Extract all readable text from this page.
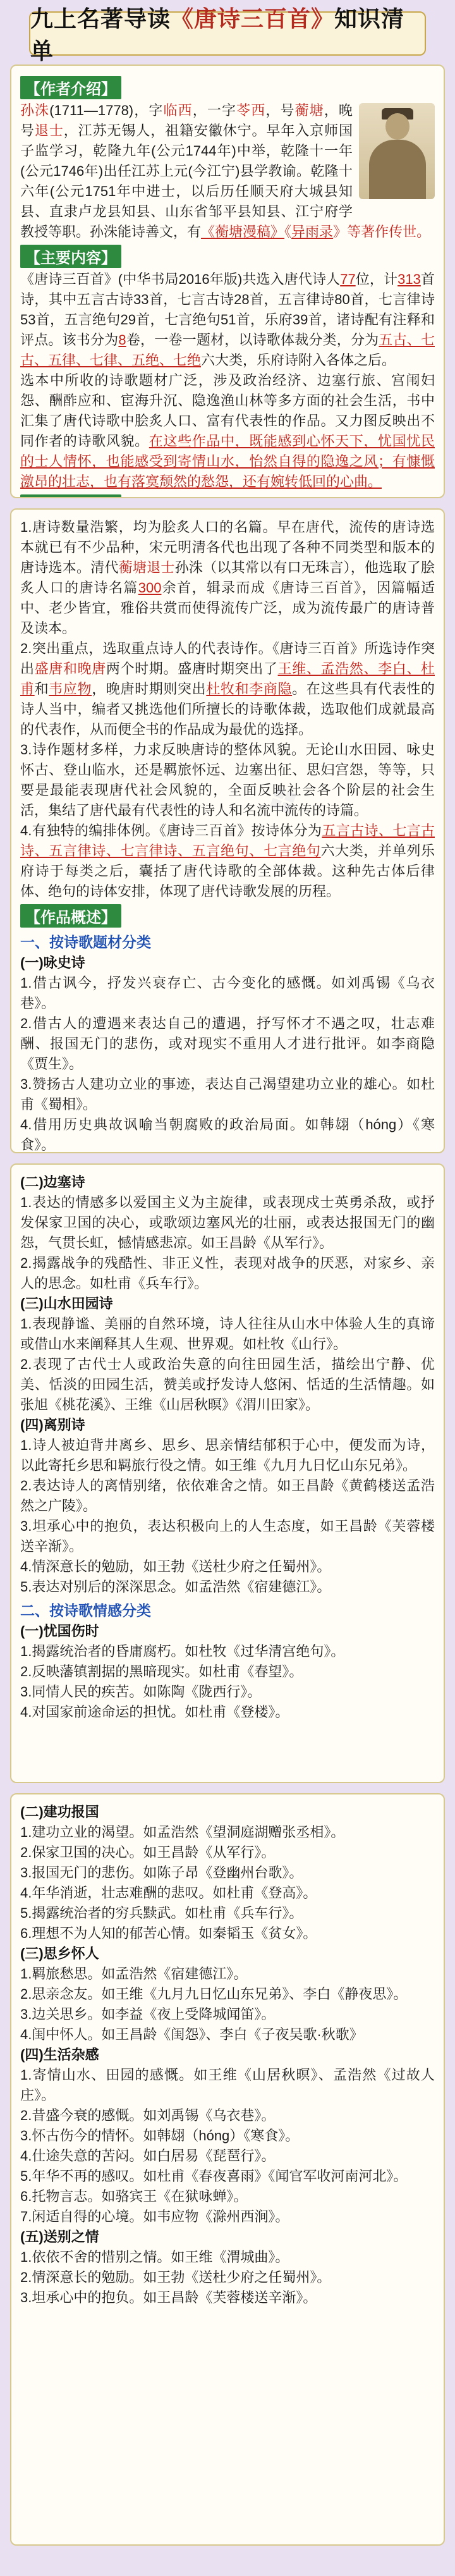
九上名著导读《唐诗三百首》知识清单
【作者介绍】

孙洙(1711—1778)，字临西，一字苓西，号蘅塘，晚号退士，江苏无锡人，祖籍安徽休宁。早年入京师国子监学习，乾隆九年(公元1744年)中举，乾隆十一年(公元1746年)出任江苏上元(今江宁)县学教谕。乾隆十六年(公元1751年中进士，以后历任顺天府大城县知县、直隶卢龙县知县、山东省邹平县知县、江宁府学教授等职。孙洙能诗善文，有《蘅塘漫稿》《异雨录》等著作传世。

【主要内容】

《唐诗三百首》(中华书局2016年版)共选入唐代诗人77位，计313首诗，其中五言古诗33首，七言古诗28首，五言律诗80首，七言律诗53首，五言绝句29首，七言绝句51首，乐府39首，诸诗配有注释和评点。该书分为8卷，一卷一题材，以诗歌体裁分类，分为五古、七古、五律、七律、五绝、七绝六大类，乐府诗附入各体之后。

选本中所收的诗歌题材广泛，涉及政治经济、边塞行旅、宫闱妇怨、酬酢应和、宦海升沉、隐逸渔山林等多方面的社会生活，书中汇集了唐代诗歌中脍炙人口、富有代表性的作品。又力图反映出不同作者的诗歌风貌。在这些作品中，既能感到心怀天下，忧国忧民的士人情怀，也能感受到寄情山水，怡然自得的隐逸之风；有慷慨激昂的壮志，也有落寞颓然的愁怨，还有婉转低回的心曲。

1.唐诗数量浩繁，均为脍炙人口的名篇。早在唐代，流传的唐诗选本就已有不少品种，宋元明清各代也出现了各种不同类型和版本的唐诗选本。清代蘅塘退士孙洙（以其常以有口无珠言），他选取了脍炙人口的唐诗名篇300余首，辑录而成《唐诗三百首》，因篇幅适中、老少皆宜，雅俗共赏而使得流传广泛，成为流传最广的唐诗普及读本。

2.突出重点，选取重点诗人的代表诗作。《唐诗三百首》所选诗作突出盛唐和晚唐两个时期。盛唐时期突出了王维、孟浩然、李白、杜甫和韦应物，晚唐时期则突出杜牧和李商隐。在这些具有代表性的诗人当中，编者又挑选他们所擅长的诗歌体裁，选取他们成就最高的代表作，从而便全书的作品成为最优的选择。

3.诗作题材多样，力求反映唐诗的整体风貌。无论山水田园、咏史怀古、登山临水，还是羁旅怀远、边塞出征、思妇宫怨，等等，只要是最能表现唐代社会风貌的，全面反映社会各个阶层的社会生活，集结了唐代最有代表性的诗人和名流中流传的诗篇。

4.有独特的编排体例。《唐诗三百首》按诗体分为五言古诗、七言古诗、五言律诗、七言律诗、五言绝句、七言绝句六大类，并单列乐府诗于每类之后，囊括了唐代诗歌的全部体裁。这种先古体后律体、绝句的诗体安排，体现了唐代诗歌发展的历程。

【作品概述】
一、按诗歌题材分类
(一)咏史诗

1.借古讽今，抒发兴衰存亡、古今变化的感慨。如刘禹锡《乌衣巷》。

2.借古人的遭遇来表达自己的遭遇，抒写怀才不遇之叹，壮志难酬、报国无门的悲伤，或对现实不重用人才进行批评。如李商隐《贾生》。

3.赞扬古人建功立业的事迹，表达自己渴望建功立业的雄心。如杜甫《蜀相》。

4.借用历史典故讽喻当朝腐败的政治局面。如韩翃（hóng）《寒食》。

(二)边塞诗

1.表达的情感多以爱国主义为主旋律，或表现戍士英勇杀敌，或抒发保家卫国的决心，或歌颂边塞风光的壮丽，或表达报国无门的幽怨，气贯长虹，憾情感悲凉。如王昌龄《从军行》。

2.揭露战争的残酷性、非正义性，表现对战争的厌恶，对家乡、亲人的思念。如杜甫《兵车行》。

(三)山水田园诗

1.表现静谧、美丽的自然环境，诗人往往从山水中体验人生的真谛或借山水来阐释其人生观、世界观。如杜牧《山行》。

2.表现了古代士人或政治失意的向往田园生活，描绘出宁静、优美、恬淡的田园生活，赞美或抒发诗人悠闲、恬适的生活情趣。如张旭《桃花溪》、王维《山居秋暝》《渭川田家》。

(四)离别诗

1.诗人被迫背井离乡、思乡、思亲情结郁积于心中，便发而为诗，以此寄托乡思和羁旅行役之情。如王维《九月九日忆山东兄弟》。

2.表达诗人的离情别绪，依依难舍之情。如王昌龄《黄鹤楼送孟浩然之广陵》。

3.坦承心中的抱负，表达积极向上的人生态度，如王昌龄《芙蓉楼送辛渐》。

4.情深意长的勉励，如王勃《送杜少府之任蜀州》。

5.表达对别后的深深思念。如孟浩然《宿建德江》。

二、按诗歌情感分类
(一)忧国伤时

1.揭露统治者的昏庸腐朽。如杜牧《过华清宫绝句》。

2.反映藩镇割据的黑暗现实。如杜甫《春望》。

3.同情人民的疾苦。如陈陶《陇西行》。

4.对国家前途命运的担忧。如杜甫《登楼》。

(二)建功报国

1.建功立业的渴望。如孟浩然《望洞庭湖赠张丞相》。

2.保家卫国的决心。如王昌龄《从军行》。

3.报国无门的悲伤。如陈子昂《登幽州台歌》。

4.年华消逝，壮志难酬的悲叹。如杜甫《登高》。

5.揭露统治者的穷兵黩武。如杜甫《兵车行》。

6.理想不为人知的郁苦心情。如秦韬玉《贫女》。

(三)思乡怀人

1.羁旅愁思。如孟浩然《宿建德江》。

2.思亲念友。如王维《九月九日忆山东兄弟》、李白《静夜思》。

3.边关思乡。如李益《夜上受降城闻笛》。

4.闺中怀人。如王昌龄《闺怨》、李白《子夜吴歌·秋歌》

(四)生活杂感

1.寄情山水、田园的感慨。如王维《山居秋暝》、孟浩然《过故人庄》。

2.昔盛今衰的感慨。如刘禹锡《乌衣巷》。

3.怀古伤今的情怀。如韩翃（hóng）《寒食》。

4.仕途失意的苦闷。如白居易《琵琶行》。

5.年华不再的感叹。如杜甫《春夜喜雨》《闻官军收河南河北》。

6.托物言志。如骆宾王《在狱咏蝉》。

7.闲适自得的心境。如韦应物《滁州西涧》。

(五)送别之情

1.依依不舍的惜别之情。如王维《渭城曲》。

2.情深意长的勉励。如王勃《送杜少府之任蜀州》。

3.坦承心中的抱负。如王昌龄《芙蓉楼送辛渐》。
